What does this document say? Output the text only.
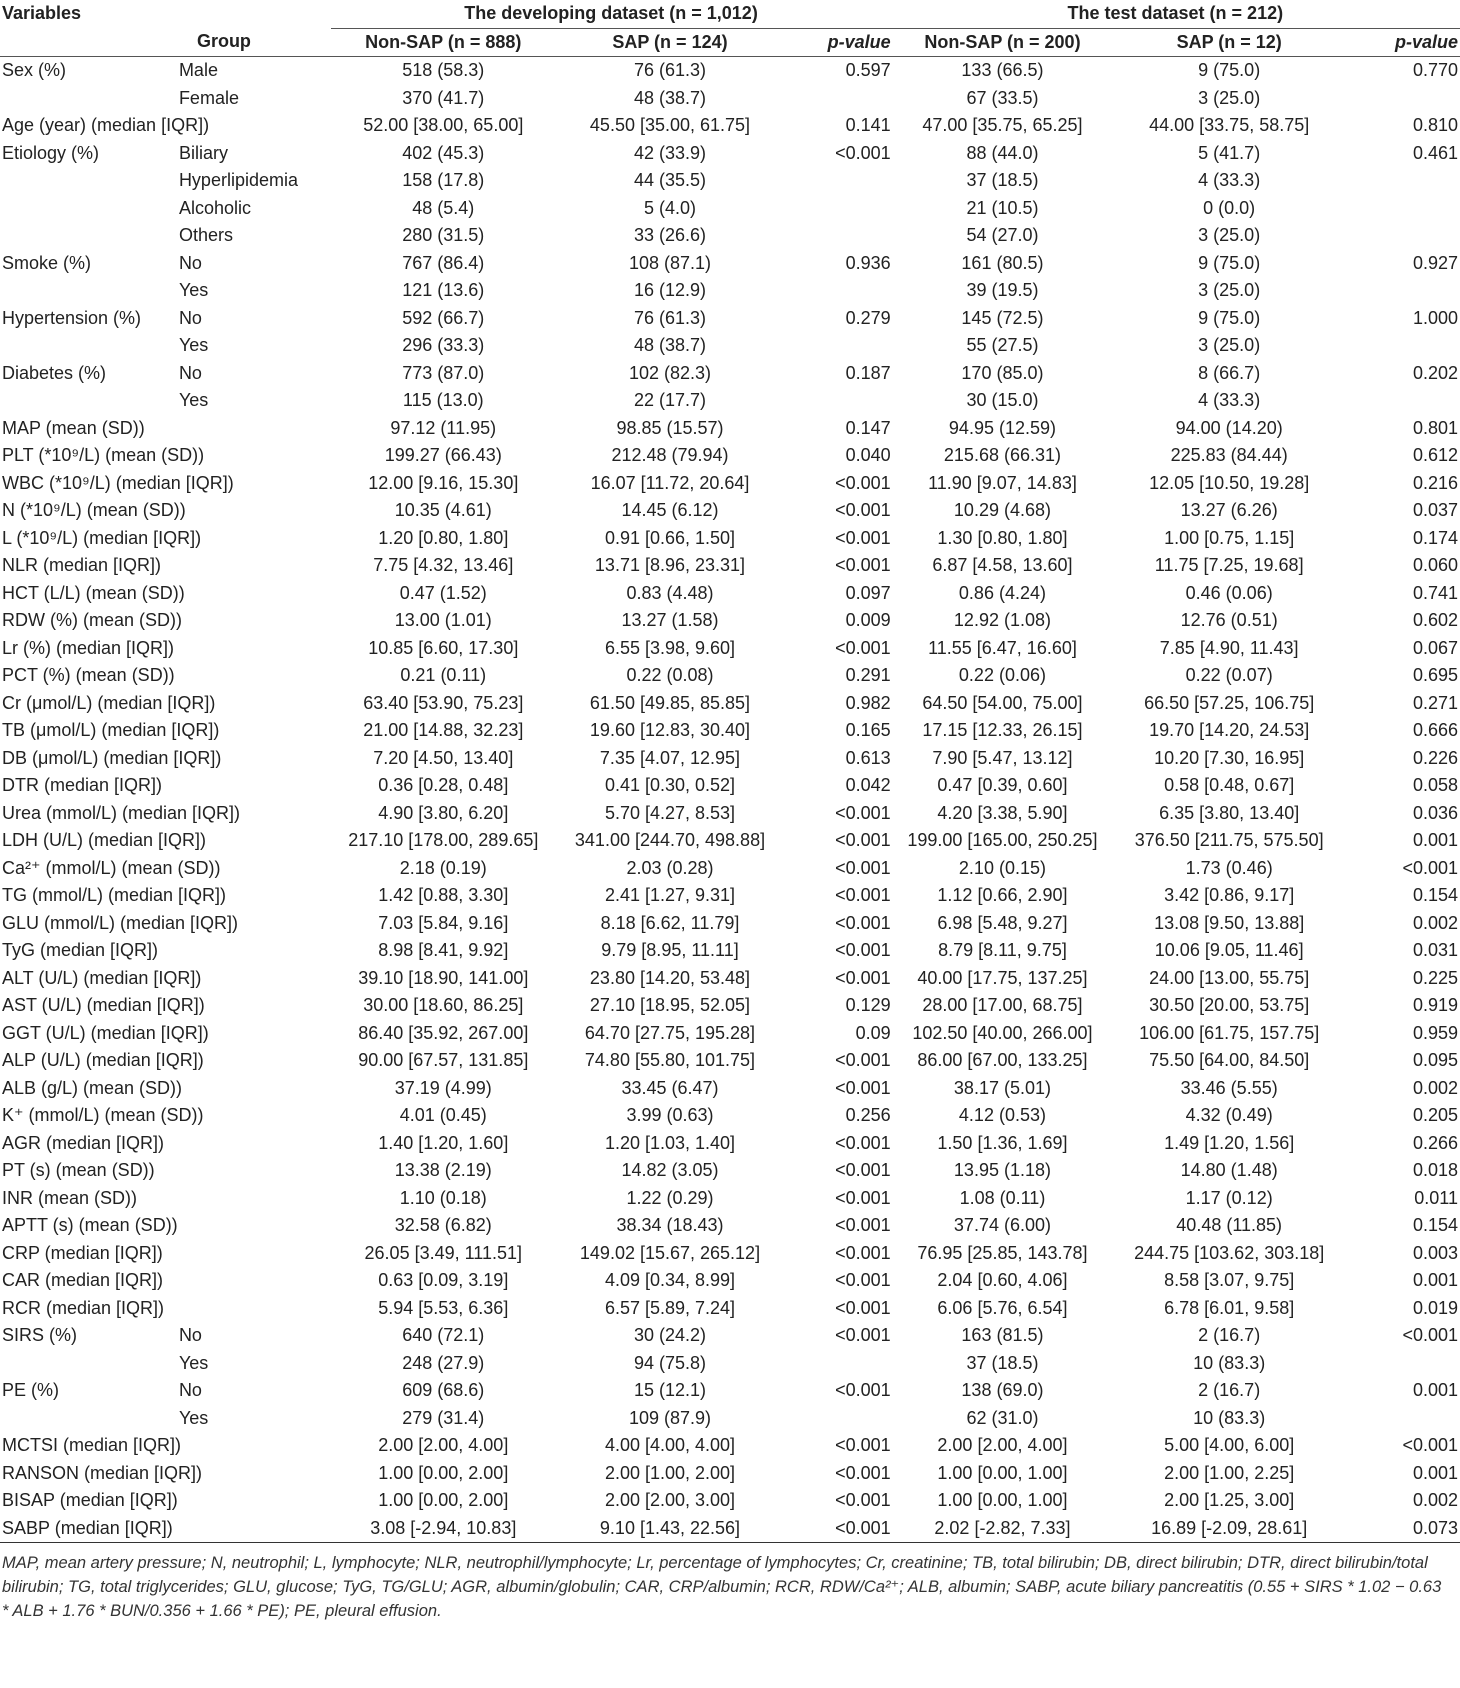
Variables		The developing dataset (n = 1,012)			The test dataset (n = 212)		
	Group	Non-SAP (n = 888)	SAP (n = 124)	p-value	Non-SAP (n = 200)	SAP (n = 12)	p-value
Sex (%)	Male	518 (58.3)	76 (61.3)	0.597	133 (66.5)	9 (75.0)	0.770
	Female	370 (41.7)	48 (38.7)		67 (33.5)	3 (25.0)	
Age (year) (median [IQR])		52.00 [38.00, 65.00]	45.50 [35.00, 61.75]	0.141	47.00 [35.75, 65.25]	44.00 [33.75, 58.75]	0.810
Etiology (%)	Biliary	402 (45.3)	42 (33.9)	<0.001	88 (44.0)	5 (41.7)	0.461
	Hyperlipidemia	158 (17.8)	44 (35.5)		37 (18.5)	4 (33.3)	
	Alcoholic	48 (5.4)	5 (4.0)		21 (10.5)	0 (0.0)	
	Others	280 (31.5)	33 (26.6)		54 (27.0)	3 (25.0)	
Smoke (%)	No	767 (86.4)	108 (87.1)	0.936	161 (80.5)	9 (75.0)	0.927
	Yes	121 (13.6)	16 (12.9)		39 (19.5)	3 (25.0)	
Hypertension (%)	No	592 (66.7)	76 (61.3)	0.279	145 (72.5)	9 (75.0)	1.000
	Yes	296 (33.3)	48 (38.7)		55 (27.5)	3 (25.0)	
Diabetes (%)	No	773 (87.0)	102 (82.3)	0.187	170 (85.0)	8 (66.7)	0.202
	Yes	115 (13.0)	22 (17.7)		30 (15.0)	4 (33.3)	
MAP (mean (SD))		97.12 (11.95)	98.85 (15.57)	0.147	94.95 (12.59)	94.00 (14.20)	0.801
PLT (*10⁹/L) (mean (SD))		199.27 (66.43)	212.48 (79.94)	0.040	215.68 (66.31)	225.83 (84.44)	0.612
WBC (*10⁹/L) (median [IQR])		12.00 [9.16, 15.30]	16.07 [11.72, 20.64]	<0.001	11.90 [9.07, 14.83]	12.05 [10.50, 19.28]	0.216
N (*10⁹/L) (mean (SD))		10.35 (4.61)	14.45 (6.12)	<0.001	10.29 (4.68)	13.27 (6.26)	0.037
L (*10⁹/L) (median [IQR])		1.20 [0.80, 1.80]	0.91 [0.66, 1.50]	<0.001	1.30 [0.80, 1.80]	1.00 [0.75, 1.15]	0.174
NLR (median [IQR])		7.75 [4.32, 13.46]	13.71 [8.96, 23.31]	<0.001	6.87 [4.58, 13.60]	11.75 [7.25, 19.68]	0.060
HCT (L/L) (mean (SD))		0.47 (1.52)	0.83 (4.48)	0.097	0.86 (4.24)	0.46 (0.06)	0.741
RDW (%) (mean (SD))		13.00 (1.01)	13.27 (1.58)	0.009	12.92 (1.08)	12.76 (0.51)	0.602
Lr (%) (median [IQR])		10.85 [6.60, 17.30]	6.55 [3.98, 9.60]	<0.001	11.55 [6.47, 16.60]	7.85 [4.90, 11.43]	0.067
PCT (%) (mean (SD))		0.21 (0.11)	0.22 (0.08)	0.291	0.22 (0.06)	0.22 (0.07)	0.695
Cr (μmol/L) (median [IQR])		63.40 [53.90, 75.23]	61.50 [49.85, 85.85]	0.982	64.50 [54.00, 75.00]	66.50 [57.25, 106.75]	0.271
TB (μmol/L) (median [IQR])		21.00 [14.88, 32.23]	19.60 [12.83, 30.40]	0.165	17.15 [12.33, 26.15]	19.70 [14.20, 24.53]	0.666
DB (μmol/L) (median [IQR])		7.20 [4.50, 13.40]	7.35 [4.07, 12.95]	0.613	7.90 [5.47, 13.12]	10.20 [7.30, 16.95]	0.226
DTR (median [IQR])		0.36 [0.28, 0.48]	0.41 [0.30, 0.52]	0.042	0.47 [0.39, 0.60]	0.58 [0.48, 0.67]	0.058
Urea (mmol/L) (median [IQR])		4.90 [3.80, 6.20]	5.70 [4.27, 8.53]	<0.001	4.20 [3.38, 5.90]	6.35 [3.80, 13.40]	0.036
LDH (U/L) (median [IQR])		217.10 [178.00, 289.65]	341.00 [244.70, 498.88]	<0.001	199.00 [165.00, 250.25]	376.50 [211.75, 575.50]	0.001
Ca²⁺ (mmol/L) (mean (SD))		2.18 (0.19)	2.03 (0.28)	<0.001	2.10 (0.15)	1.73 (0.46)	<0.001
TG (mmol/L) (median [IQR])		1.42 [0.88, 3.30]	2.41 [1.27, 9.31]	<0.001	1.12 [0.66, 2.90]	3.42 [0.86, 9.17]	0.154
GLU (mmol/L) (median [IQR])		7.03 [5.84, 9.16]	8.18 [6.62, 11.79]	<0.001	6.98 [5.48, 9.27]	13.08 [9.50, 13.88]	0.002
TyG (median [IQR])		8.98 [8.41, 9.92]	9.79 [8.95, 11.11]	<0.001	8.79 [8.11, 9.75]	10.06 [9.05, 11.46]	0.031
ALT (U/L) (median [IQR])		39.10 [18.90, 141.00]	23.80 [14.20, 53.48]	<0.001	40.00 [17.75, 137.25]	24.00 [13.00, 55.75]	0.225
AST (U/L) (median [IQR])		30.00 [18.60, 86.25]	27.10 [18.95, 52.05]	0.129	28.00 [17.00, 68.75]	30.50 [20.00, 53.75]	0.919
GGT (U/L) (median [IQR])		86.40 [35.92, 267.00]	64.70 [27.75, 195.28]	0.09	102.50 [40.00, 266.00]	106.00 [61.75, 157.75]	0.959
ALP (U/L) (median [IQR])		90.00 [67.57, 131.85]	74.80 [55.80, 101.75]	<0.001	86.00 [67.00, 133.25]	75.50 [64.00, 84.50]	0.095
ALB (g/L) (mean (SD))		37.19 (4.99)	33.45 (6.47)	<0.001	38.17 (5.01)	33.46 (5.55)	0.002
K⁺ (mmol/L) (mean (SD))		4.01 (0.45)	3.99 (0.63)	0.256	4.12 (0.53)	4.32 (0.49)	0.205
AGR (median [IQR])		1.40 [1.20, 1.60]	1.20 [1.03, 1.40]	<0.001	1.50 [1.36, 1.69]	1.49 [1.20, 1.56]	0.266
PT (s) (mean (SD))		13.38 (2.19)	14.82 (3.05)	<0.001	13.95 (1.18)	14.80 (1.48)	0.018
INR (mean (SD))		1.10 (0.18)	1.22 (0.29)	<0.001	1.08 (0.11)	1.17 (0.12)	0.011
APTT (s) (mean (SD))		32.58 (6.82)	38.34 (18.43)	<0.001	37.74 (6.00)	40.48 (11.85)	0.154
CRP (median [IQR])		26.05 [3.49, 111.51]	149.02 [15.67, 265.12]	<0.001	76.95 [25.85, 143.78]	244.75 [103.62, 303.18]	0.003
CAR (median [IQR])		0.63 [0.09, 3.19]	4.09 [0.34, 8.99]	<0.001	2.04 [0.60, 4.06]	8.58 [3.07, 9.75]	0.001
RCR (median [IQR])		5.94 [5.53, 6.36]	6.57 [5.89, 7.24]	<0.001	6.06 [5.76, 6.54]	6.78 [6.01, 9.58]	0.019
SIRS (%)	No	640 (72.1)	30 (24.2)	<0.001	163 (81.5)	2 (16.7)	<0.001
	Yes	248 (27.9)	94 (75.8)		37 (18.5)	10 (83.3)	
PE (%)	No	609 (68.6)	15 (12.1)	<0.001	138 (69.0)	2 (16.7)	0.001
	Yes	279 (31.4)	109 (87.9)		62 (31.0)	10 (83.3)	
MCTSI (median [IQR])		2.00 [2.00, 4.00]	4.00 [4.00, 4.00]	<0.001	2.00 [2.00, 4.00]	5.00 [4.00, 6.00]	<0.001
RANSON (median [IQR])		1.00 [0.00, 2.00]	2.00 [1.00, 2.00]	<0.001	1.00 [0.00, 1.00]	2.00 [1.00, 2.25]	0.001
BISAP (median [IQR])		1.00 [0.00, 2.00]	2.00 [2.00, 3.00]	<0.001	1.00 [0.00, 1.00]	2.00 [1.25, 3.00]	0.002
SABP (median [IQR])		3.08 [-2.94, 10.83]	9.10 [1.43, 22.56]	<0.001	2.02 [-2.82, 7.33]	16.89 [-2.09, 28.61]	0.073
MAP, mean artery pressure; N, neutrophil; L, lymphocyte; NLR, neutrophil/lymphocyte; Lr, percentage of lymphocytes; Cr, creatinine; TB, total bilirubin; DB, direct bilirubin; DTR, direct bilirubin/total bilirubin; TG, total triglycerides; GLU, glucose; TyG, TG/GLU; AGR, albumin/globulin; CAR, CRP/albumin; RCR, RDW/Ca²⁺; ALB, albumin; SABP, acute biliary pancreatitis (0.55 + SIRS * 1.02 − 0.63 * ALB + 1.76 * BUN/0.356 + 1.66 * PE); PE, pleural effusion.
